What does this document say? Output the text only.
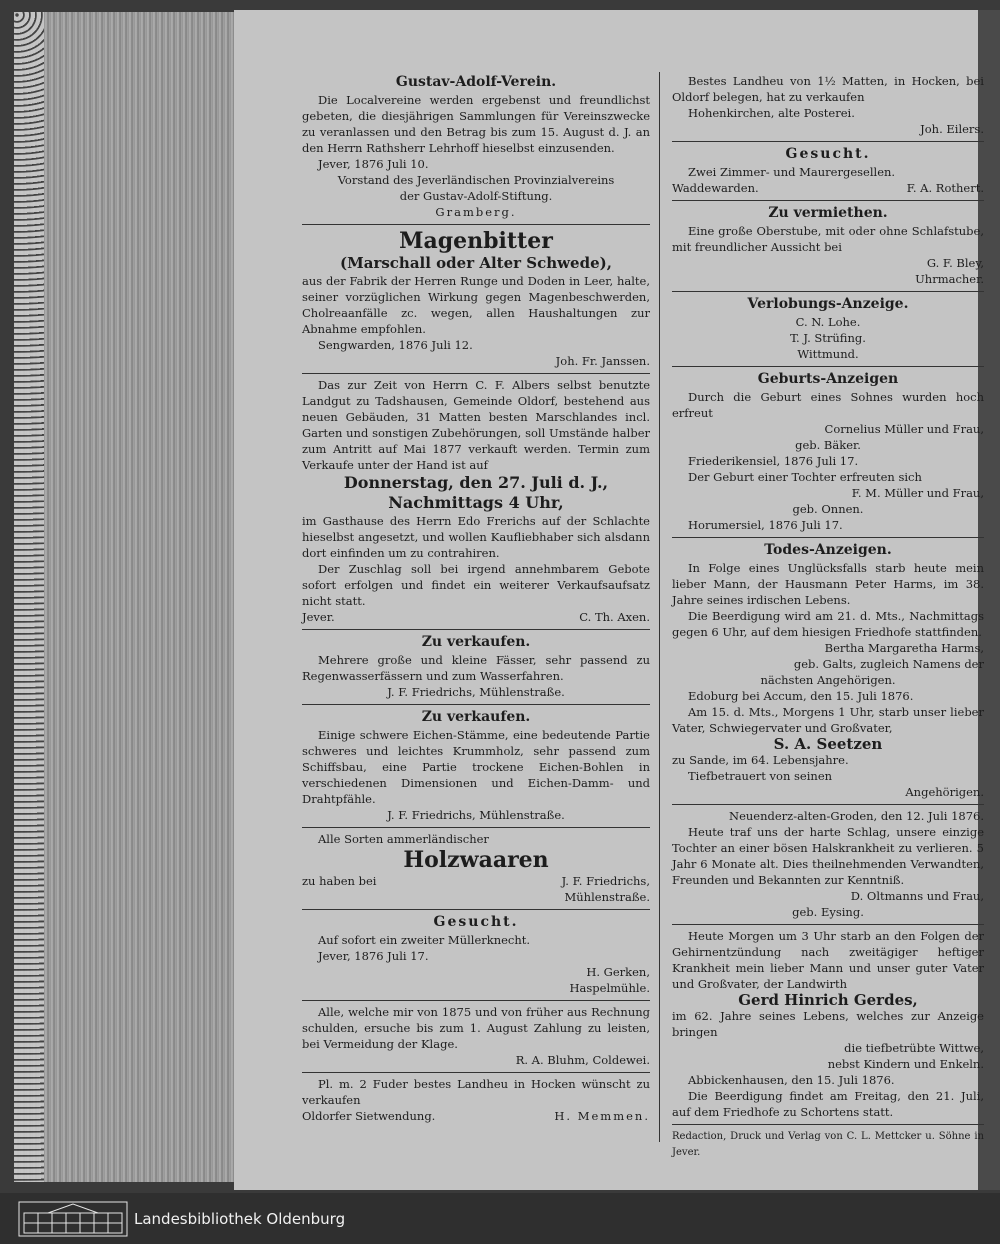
Gustav-Adolf-Verein.

Die Localvereine werden ergebenst und freundlichst gebeten, die diesjährigen Sammlungen für Vereinszwecke zu veranlassen und den Betrag bis zum 15. August d. J. an den Herrn Rathsherr Lehrhoff hieselbst einzusenden.

Jever, 1876 Juli 10.

Vorstand des Jeverländischen Provinzialvereins

der Gustav-Adolf-Stiftung.

Gramberg.

Magenbitter
(Marschall oder Alter Schwede),

aus der Fabrik der Herren Runge und Doden in Leer, halte, seiner vorzüglichen Wirkung gegen Magenbeschwerden, Cholreaanfälle zc. wegen, allen Haushaltungen zur Abnahme empfohlen.

Sengwarden, 1876 Juli 12.

Joh. Fr. Janssen.

Das zur Zeit von Herrn C. F. Albers selbst benutzte Landgut zu Tadshausen, Gemeinde Oldorf, bestehend aus neuen Gebäuden, 31 Matten besten Marschlandes incl. Garten und sonstigen Zubehörungen, soll Umstände halber zum Antritt auf Mai 1877 verkauft werden. Termin zum Verkaufe unter der Hand ist auf

Donnerstag, den 27. Juli d. J.,
Nachmittags 4 Uhr,

im Gasthause des Herrn Edo Frerichs auf der Schlachte hieselbst angesetzt, und wollen Kaufliebhaber sich alsdann dort einfinden um zu contrahiren.

Der Zuschlag soll bei irgend annehmbarem Gebote sofort erfolgen und findet ein weiterer Verkaufsaufsatz nicht statt.

Jever.	C. Th. Axen.
Zu verkaufen.

Mehrere große und kleine Fässer, sehr passend zu Regenwasserfässern und zum Wasserfahren.

J. F. Friedrichs, Mühlenstraße.

Zu verkaufen.

Einige schwere Eichen-Stämme, eine bedeutende Partie schweres und leichtes Krummholz, sehr passend zum Schiffsbau, eine Partie trockene Eichen-Bohlen in verschiedenen Dimensionen und Eichen-Damm- und Drahtpfähle.

J. F. Friedrichs, Mühlenstraße.

Alle Sorten ammerländischer

Holzwaaren
zu haben bei	J. F. Friedrichs,

Mühlenstraße.

Gesucht.

Auf sofort ein zweiter Müllerknecht.

Jever, 1876 Juli 17.

H. Gerken,

Haspelmühle.

Alle, welche mir von 1875 und von früher aus Rechnung schulden, ersuche bis zum 1. August Zahlung zu leisten, bei Vermeidung der Klage.

R. A. Bluhm, Coldewei.

Pl. m. 2 Fuder bestes Landheu in Hocken wünscht zu verkaufen

Oldorfer Sietwendung.	H. Memmen.

Bestes Landheu von 1½ Matten, in Hocken, bei Oldorf belegen, hat zu verkaufen

Hohenkirchen, alte Posterei.

Joh. Eilers.

Gesucht.

Zwei Zimmer- und Maurergesellen.

Waddewarden.	F. A. Rothert.
Zu vermiethen.

Eine große Oberstube, mit oder ohne Schlafstube, mit freundlicher Aussicht bei

G. F. Bley,

Uhrmacher.

Verlobungs-Anzeige.

C. N. Lohe.

T. J. Strüfing.

Wittmund.

Geburts-Anzeigen

Durch die Geburt eines Sohnes wurden hoch erfreut

Cornelius Müller und Frau,

geb. Bäker.

Friederikensiel, 1876 Juli 17.

Der Geburt einer Tochter erfreuten sich

F. M. Müller und Frau,

geb. Onnen.

Horumersiel, 1876 Juli 17.

Todes-Anzeigen.

In Folge eines Unglücksfalls starb heute mein lieber Mann, der Hausmann Peter Harms, im 38. Jahre seines irdischen Lebens.

Die Beerdigung wird am 21. d. Mts., Nachmittags gegen 6 Uhr, auf dem hiesigen Friedhofe stattfinden.

Bertha Margaretha Harms,

geb. Galts, zugleich Namens der

nächsten Angehörigen.

Edoburg bei Accum, den 15. Juli 1876.

Am 15. d. Mts., Morgens 1 Uhr, starb unser lieber Vater, Schwiegervater und Großvater,

S. A. Seetzen

zu Sande, im 64. Lebensjahre.

Tiefbetrauert von seinen

Angehörigen.

Neuenderz-alten-Groden, den 12. Juli 1876.

Heute traf uns der harte Schlag, unsere einzige Tochter an einer bösen Halskrankheit zu verlieren. 5 Jahr 6 Monate alt. Dies theilnehmenden Verwandten, Freunden und Bekannten zur Kenntniß.

D. Oltmanns und Frau,

geb. Eysing.

Heute Morgen um 3 Uhr starb an den Folgen der Gehirnentzündung nach zweitägiger heftiger Krankheit mein lieber Mann und unser guter Vater und Großvater, der Landwirth

Gerd Hinrich Gerdes,

im 62. Jahre seines Lebens, welches zur Anzeige bringen

die tiefbetrübte Wittwe,

nebst Kindern und Enkeln.

Abbickenhausen, den 15. Juli 1876.

Die Beerdigung findet am Freitag, den 21. Juli, auf dem Friedhofe zu Schortens statt.

Redaction, Druck und Verlag von C. L. Mettcker u. Söhne in Jever.

Landesbibliothek Oldenburg
